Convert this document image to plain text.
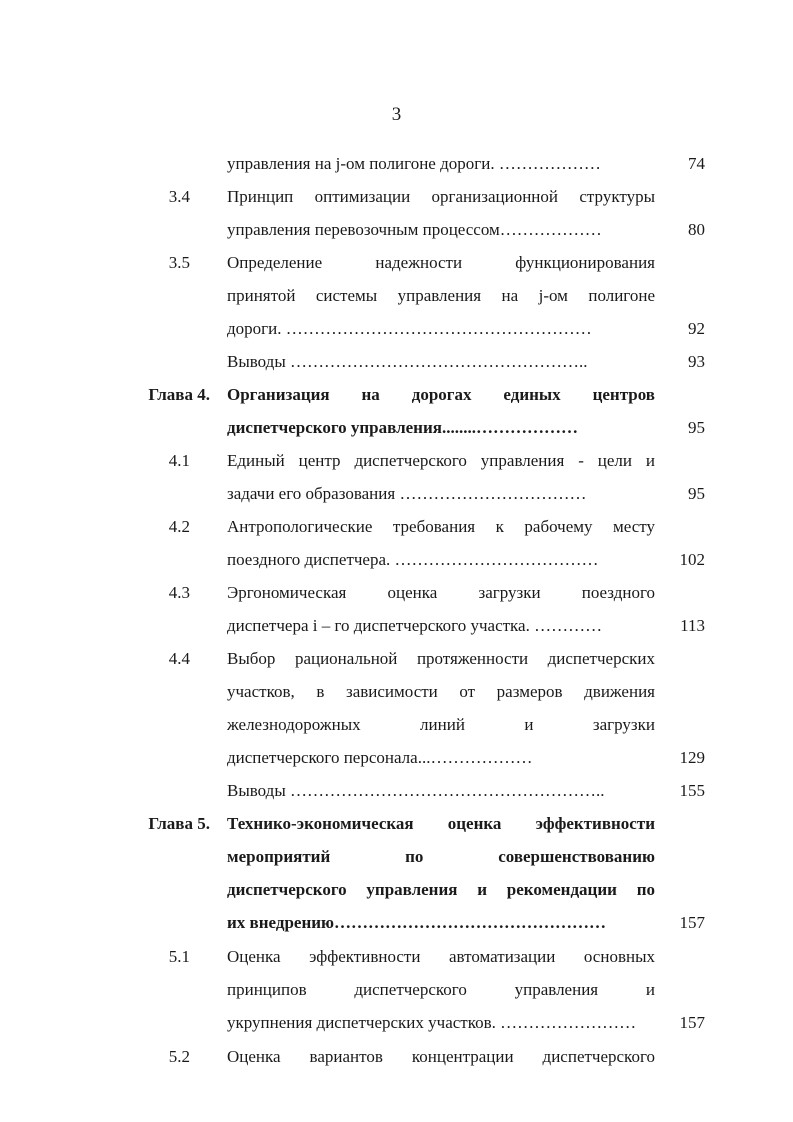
3
управления на j-ом полигоне дороги. ………………	74
3.4 Принцип оптимизации организационной структуры
управления перевозочным процессом………………	80
3.5 Определение надежности функционирования
принятой системы управления на j-ом полигоне
дороги. ………………………………………………	92
Выводы ……………………………………………..	93
Глава 4. Организация на дорогах единых центров
диспетчерского управления........………………	95
4.1 Единый центр диспетчерского управления - цели и
задачи его образования ……………………………	95
4.2 Антропологические требования к рабочему месту
поездного диспетчера. ………………………………	102
4.3 Эргономическая оценка загрузки поездного
диспетчера i – го диспетчерского участка. …………	113
4.4 Выбор рациональной протяженности диспетчерских
участков, в зависимости от размеров движения
железнодорожных линий и загрузки
диспетчерского персонала...………………	129
Выводы ………………………………………………..	155
Глава 5. Технико-экономическая оценка эффективности
мероприятий по совершенствованию
диспетчерского управления и рекомендации по
их внедрению…………………………………………	157
5.1 Оценка эффективности автоматизации основных
принципов диспетчерского управления и
укрупнения диспетчерских участков. ……………………	157
5.2 Оценка вариантов концентрации диспетчерского
